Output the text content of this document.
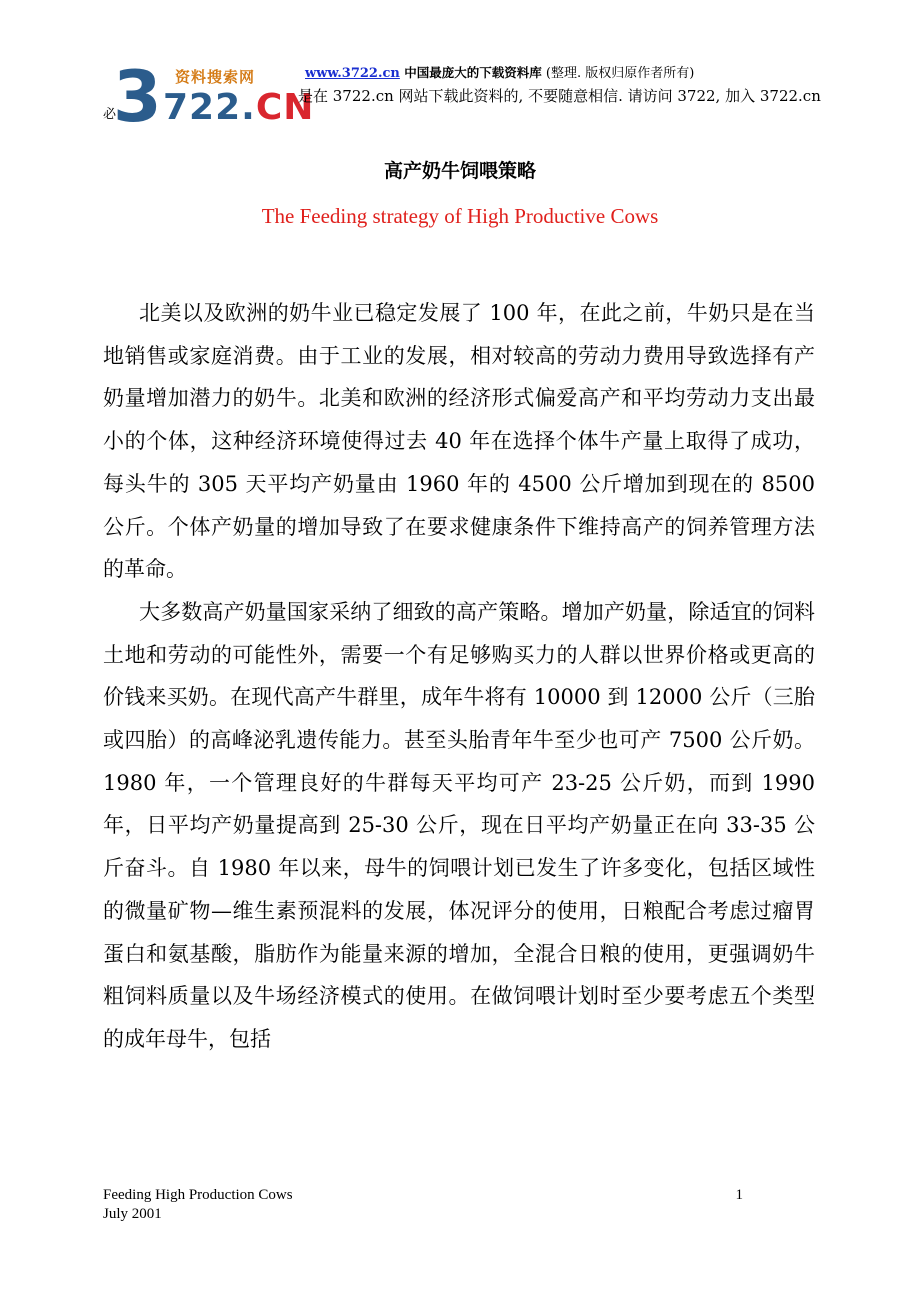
3 722.CN
资料搜索网	www.3722.cn 中国最庞大的下载资料库 (整理. 版权归原作者所有)
是在 3722.cn 网站下载此资料的, 不要随意相信. 请访问 3722, 加入 3722.cn
必
高产奶牛饲喂策略
The Feeding strategy of High Productive Cows

北美以及欧洲的奶牛业已稳定发展了 100 年，在此之前，牛奶只是在当地销售或家庭消费。由于工业的发展，相对较高的劳动力费用导致选择有产奶量增加潜力的奶牛。北美和欧洲的经济形式偏爱高产和平均劳动力支出最小的个体，这种经济环境使得过去 40 年在选择个体牛产量上取得了成功，每头牛的 305 天平均产奶量由 1960 年的 4500 公斤增加到现在的 8500 公斤。个体产奶量的增加导致了在要求健康条件下维持高产的饲养管理方法的革命。

大多数高产奶量国家采纳了细致的高产策略。增加产奶量，除适宜的饲料土地和劳动的可能性外，需要一个有足够购买力的人群以世界价格或更高的价钱来买奶。在现代高产牛群里，成年牛将有 10000 到 12000 公斤（三胎或四胎）的高峰泌乳遗传能力。甚至头胎青年牛至少也可产 7500 公斤奶。1980 年，一个管理良好的牛群每天平均可产 23-25 公斤奶，而到 1990 年，日平均产奶量提高到 25-30 公斤，现在日平均产奶量正在向 33-35 公斤奋斗。自 1980 年以来，母牛的饲喂计划已发生了许多变化，包括区域性的微量矿物—维生素预混料的发展，体况评分的使用，日粮配合考虑过瘤胃蛋白和氨基酸，脂肪作为能量来源的增加，全混合日粮的使用，更强调奶牛粗饲料质量以及牛场经济模式的使用。在做饲喂计划时至少要考虑五个类型的成年母牛，包括

Feeding High Production Cows
July 2001
1
